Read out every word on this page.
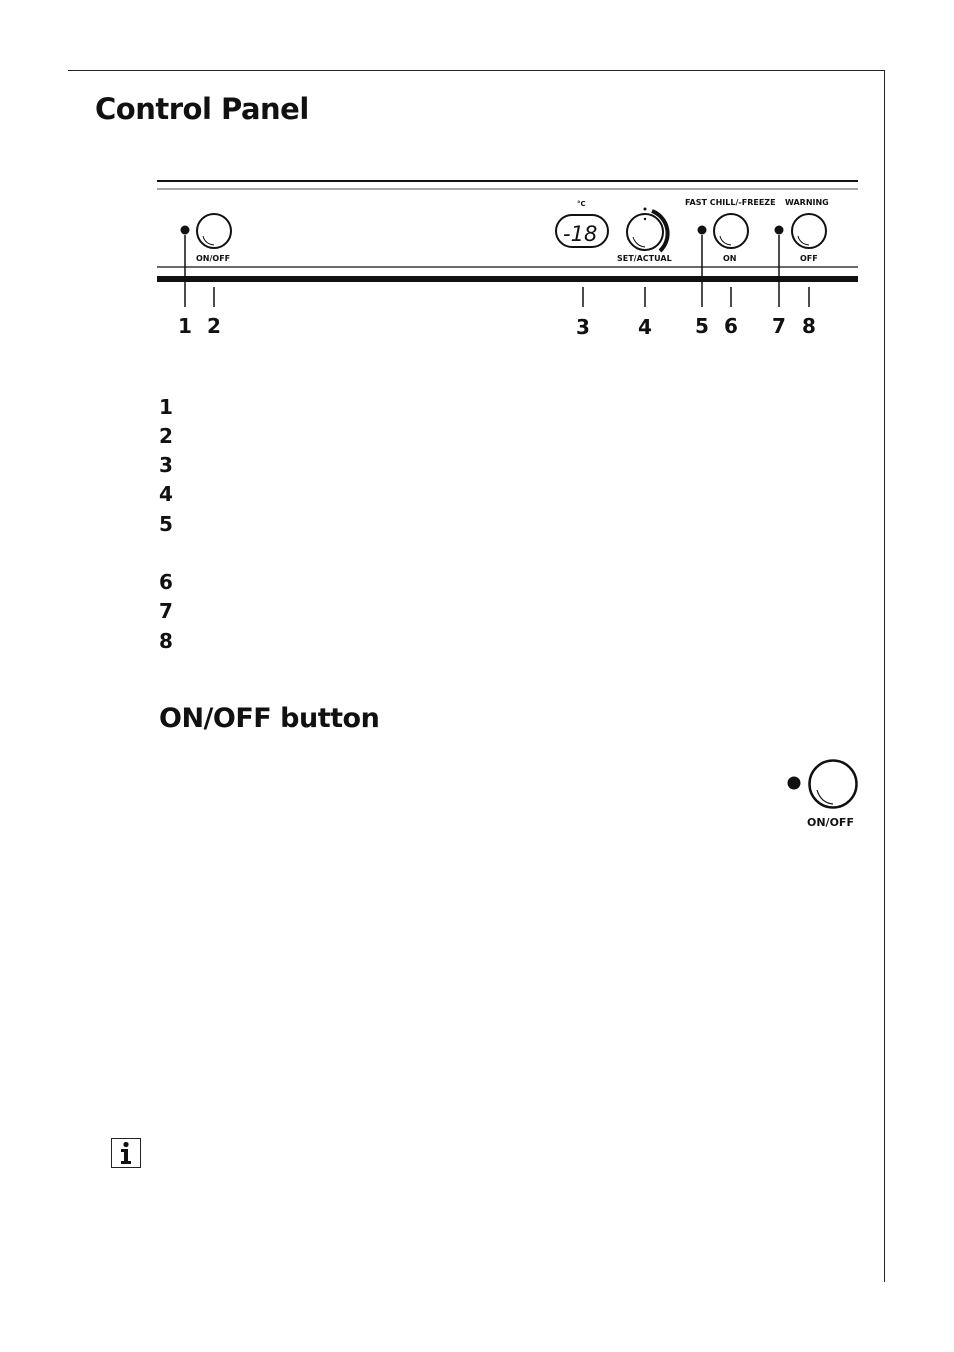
Control Panel
ON/OFF
°C
-18
SET/ACTUAL
FAST CHILL/-FREEZE
ON
WARNING
OFF
1 2	3 4 5 6 7 8
1
2
3
4
5
6
7
8
ON/OFF button
ON/OFF
